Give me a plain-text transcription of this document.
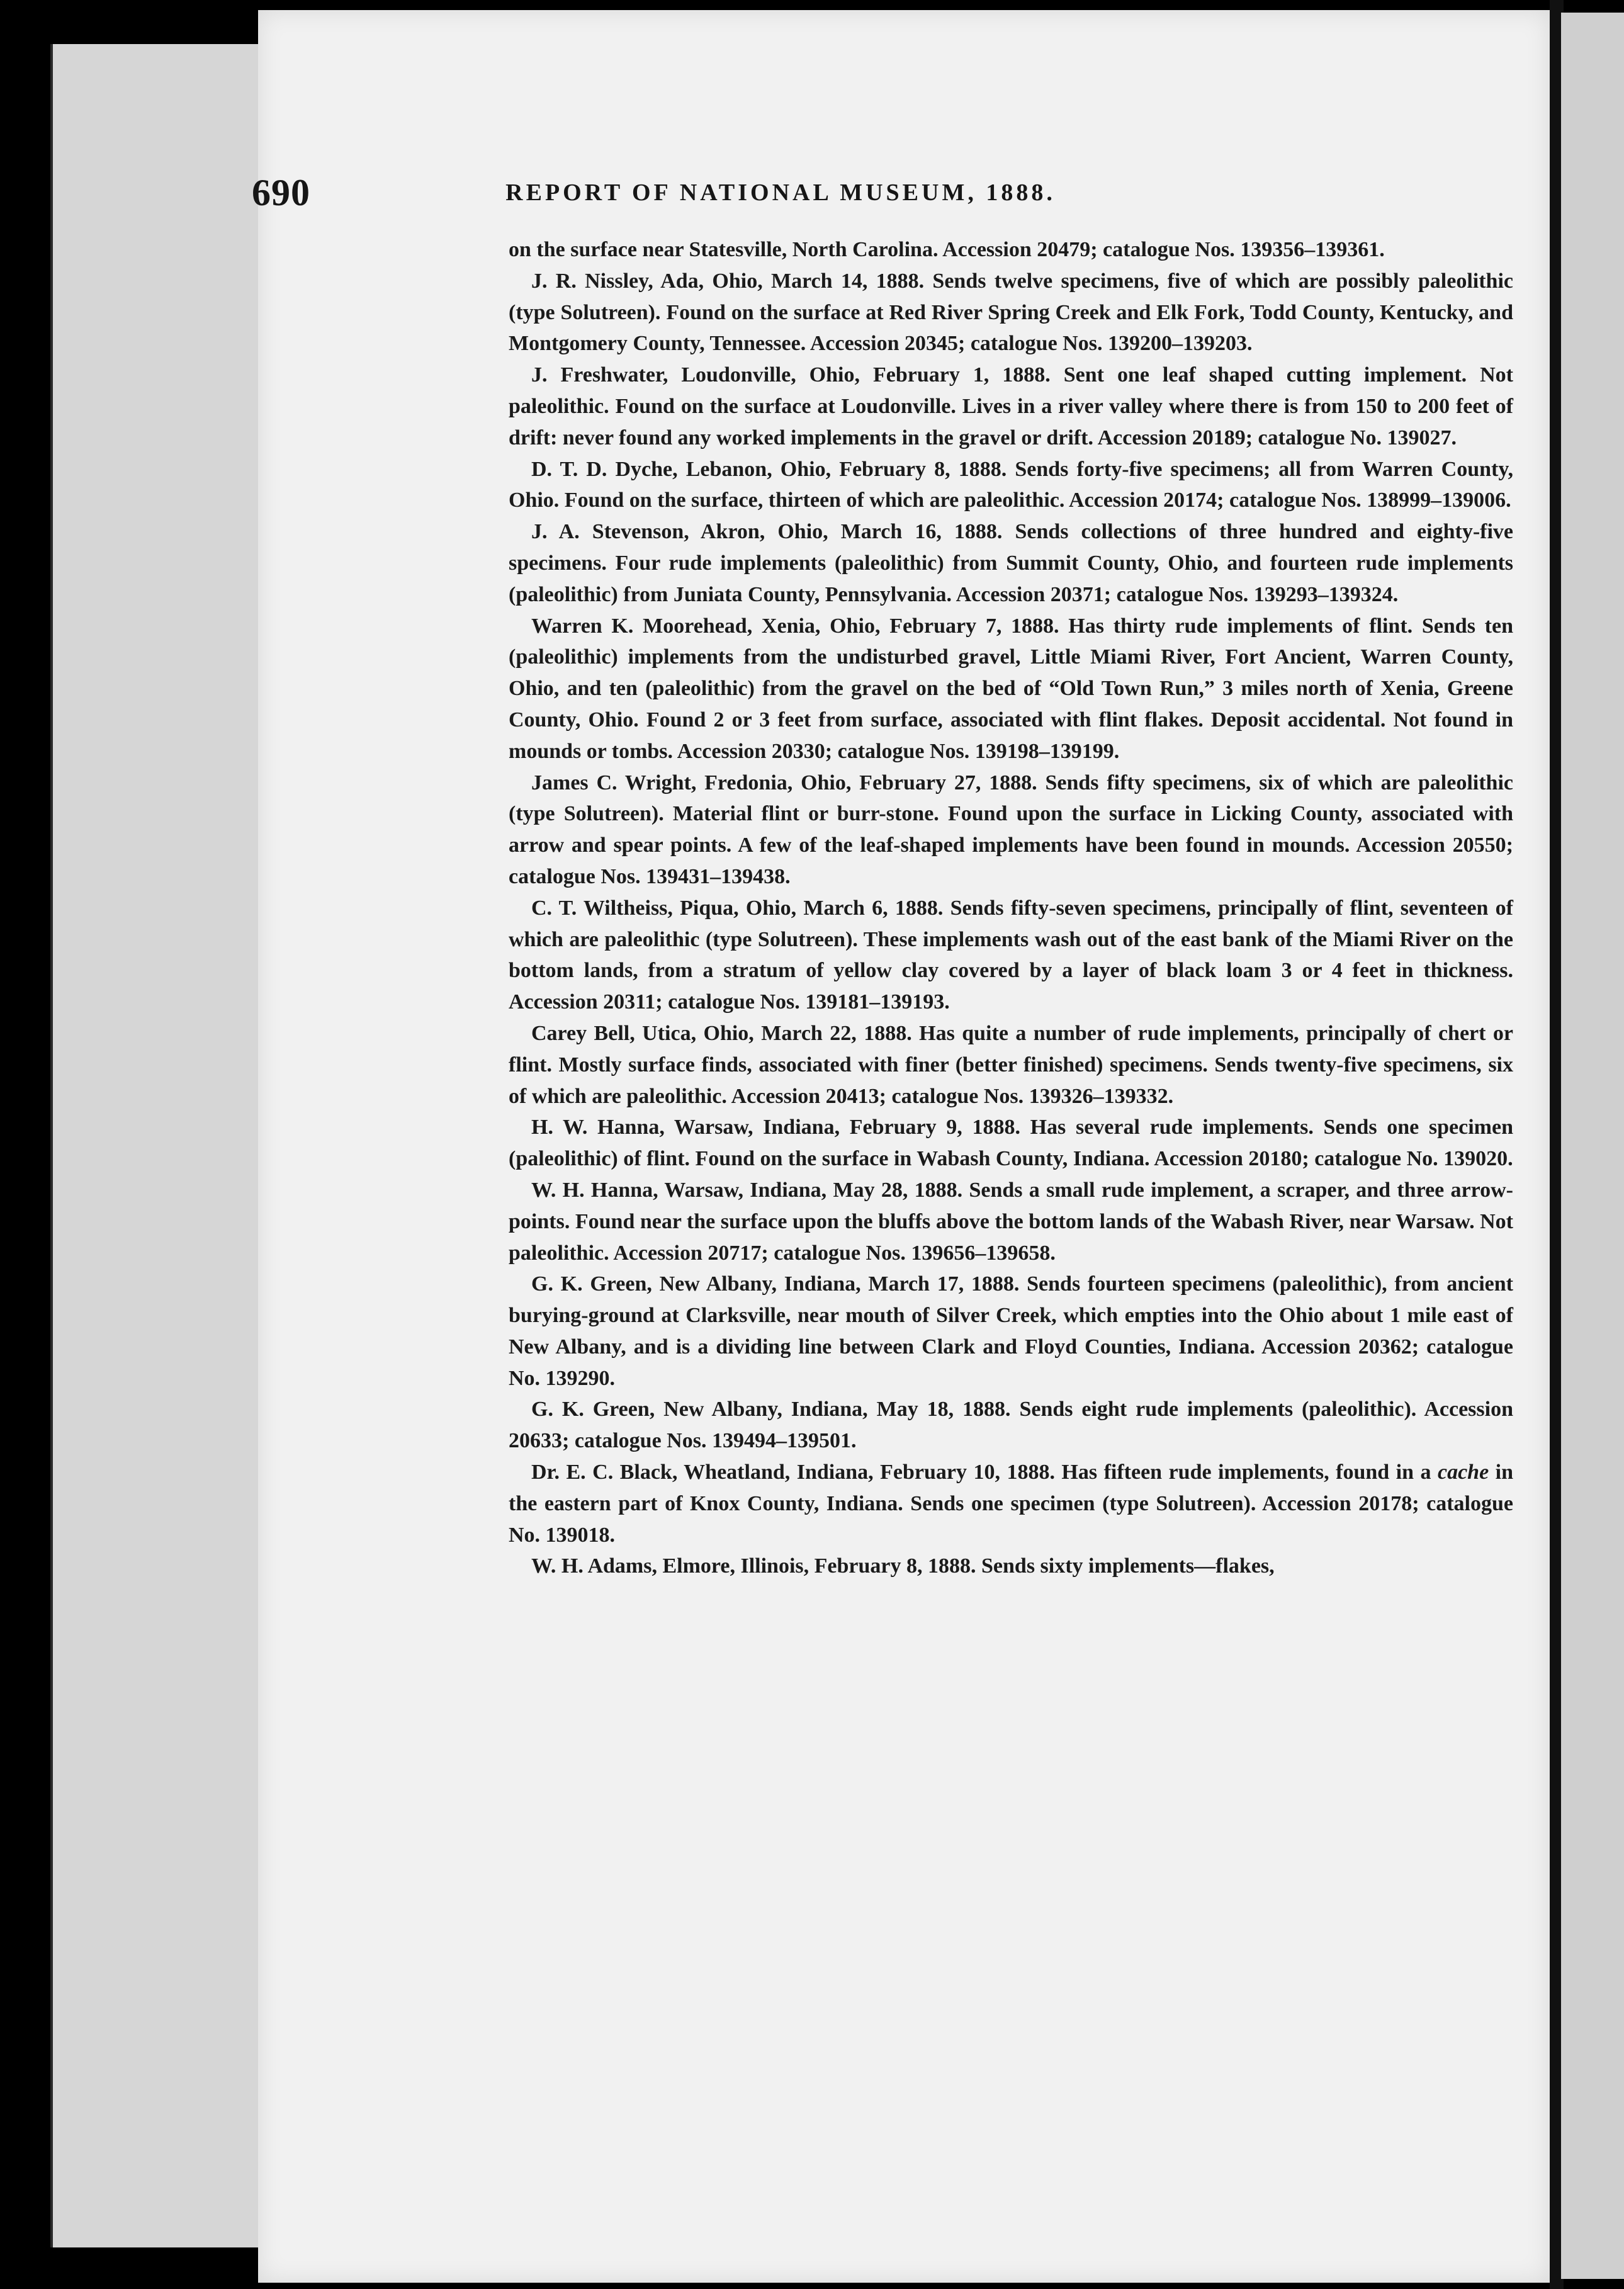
690	REPORT OF NATIONAL MUSEUM, 1888.

on the surface near Statesville, North Carolina. Accession 20479; catalogue Nos. 139356–139361.

J. R. Nissley, Ada, Ohio, March 14, 1888. Sends twelve specimens, five of which are possibly paleolithic (type Solutreen). Found on the surface at Red River Spring Creek and Elk Fork, Todd County, Kentucky, and Montgomery County, Tennessee. Accession 20345; catalogue Nos. 139200–139203.

J. Freshwater, Loudonville, Ohio, February 1, 1888. Sent one leaf shaped cutting implement. Not paleolithic. Found on the surface at Loudonville. Lives in a river valley where there is from 150 to 200 feet of drift: never found any worked implements in the gravel or drift. Accession 20189; catalogue No. 139027.

D. T. D. Dyche, Lebanon, Ohio, February 8, 1888. Sends forty-five specimens; all from Warren County, Ohio. Found on the surface, thirteen of which are paleolithic. Accession 20174; catalogue Nos. 138999–139006.

J. A. Stevenson, Akron, Ohio, March 16, 1888. Sends collections of three hundred and eighty-five specimens. Four rude implements (paleolithic) from Summit County, Ohio, and fourteen rude implements (paleolithic) from Juniata County, Pennsylvania. Accession 20371; catalogue Nos. 139293–139324.

Warren K. Moorehead, Xenia, Ohio, February 7, 1888. Has thirty rude implements of flint. Sends ten (paleolithic) implements from the undisturbed gravel, Little Miami River, Fort Ancient, Warren County, Ohio, and ten (paleolithic) from the gravel on the bed of “Old Town Run,” 3 miles north of Xenia, Greene County, Ohio. Found 2 or 3 feet from surface, associated with flint flakes. Deposit accidental. Not found in mounds or tombs. Accession 20330; catalogue Nos. 139198–139199.

James C. Wright, Fredonia, Ohio, February 27, 1888. Sends fifty specimens, six of which are paleolithic (type Solutreen). Material flint or burr-stone. Found upon the surface in Licking County, associated with arrow and spear points. A few of the leaf-shaped implements have been found in mounds. Accession 20550; catalogue Nos. 139431–139438.

C. T. Wiltheiss, Piqua, Ohio, March 6, 1888. Sends fifty-seven specimens, principally of flint, seventeen of which are paleolithic (type Solutreen). These implements wash out of the east bank of the Miami River on the bottom lands, from a stratum of yellow clay covered by a layer of black loam 3 or 4 feet in thickness. Accession 20311; catalogue Nos. 139181–139193.

Carey Bell, Utica, Ohio, March 22, 1888. Has quite a number of rude implements, principally of chert or flint. Mostly surface finds, associated with finer (better finished) specimens. Sends twenty-five specimens, six of which are paleolithic. Accession 20413; catalogue Nos. 139326–139332.

H. W. Hanna, Warsaw, Indiana, February 9, 1888. Has several rude implements. Sends one specimen (paleolithic) of flint. Found on the surface in Wabash County, Indiana. Accession 20180; catalogue No. 139020.

W. H. Hanna, Warsaw, Indiana, May 28, 1888. Sends a small rude implement, a scraper, and three arrow-points. Found near the surface upon the bluffs above the bottom lands of the Wabash River, near Warsaw. Not paleolithic. Accession 20717; catalogue Nos. 139656–139658.

G. K. Green, New Albany, Indiana, March 17, 1888. Sends fourteen specimens (paleolithic), from ancient burying-ground at Clarksville, near mouth of Silver Creek, which empties into the Ohio about 1 mile east of New Albany, and is a dividing line between Clark and Floyd Counties, Indiana. Accession 20362; catalogue No. 139290.

G. K. Green, New Albany, Indiana, May 18, 1888. Sends eight rude implements (paleolithic). Accession 20633; catalogue Nos. 139494–139501.

Dr. E. C. Black, Wheatland, Indiana, February 10, 1888. Has fifteen rude implements, found in a cache in the eastern part of Knox County, Indiana. Sends one specimen (type Solutreen). Accession 20178; catalogue No. 139018.

W. H. Adams, Elmore, Illinois, February 8, 1888. Sends sixty implements—flakes,
